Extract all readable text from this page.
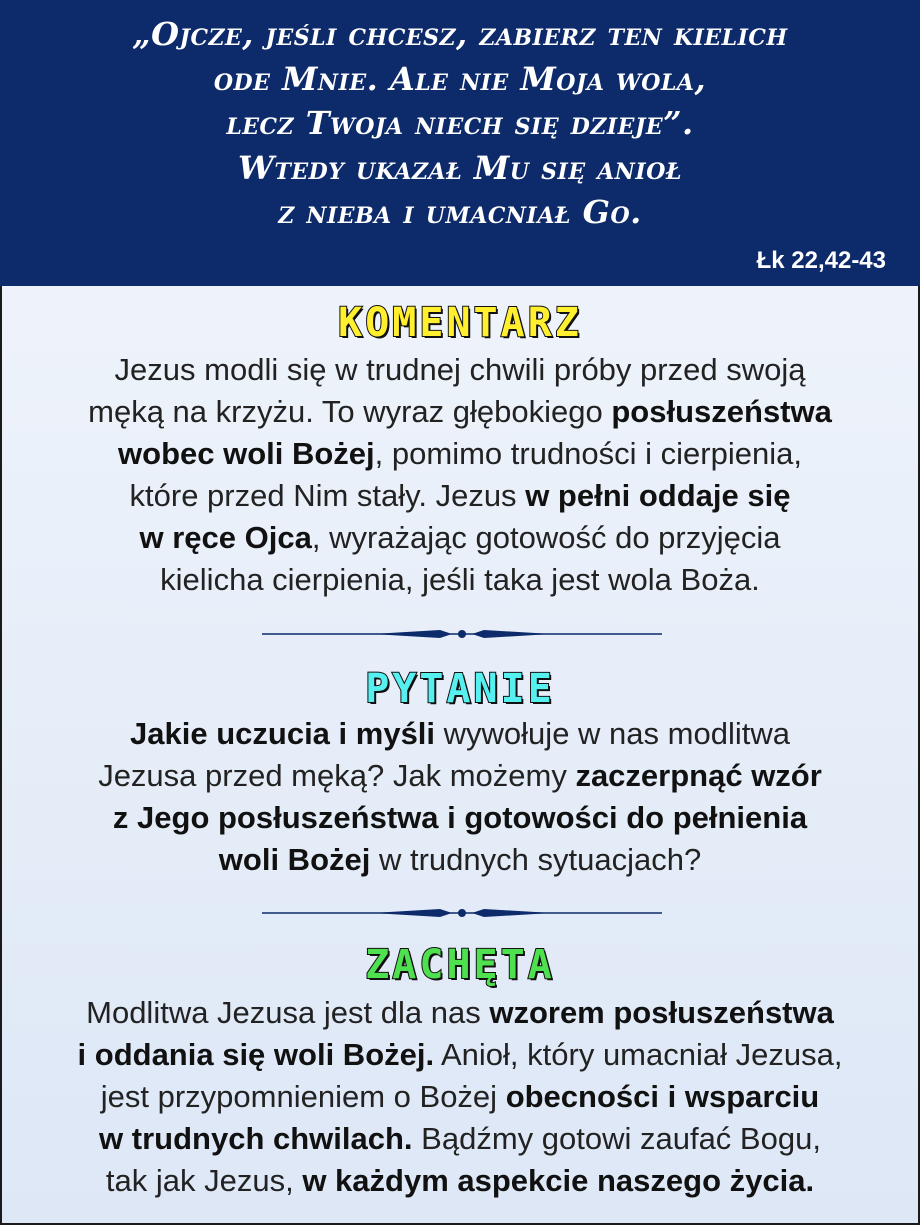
„Ojcze, jeśli chcesz, zabierz ten kielich
ode Mnie. Ale nie Moja wola,
lecz Twoja niech się dzieje”.
Wtedy ukazał Mu się anioł
z nieba i umacniał Go.
Łk 22,42-43
KOMENTARZ
Jezus modli się w trudnej chwili próby przed swoją
męką na krzyżu. To wyraz głębokiego posłuszeństwa
wobec woli Bożej, pomimo trudności i cierpienia,
które przed Nim stały. Jezus w pełni oddaje się
w ręce Ojca, wyrażając gotowość do przyjęcia
kielicha cierpienia, jeśli taka jest wola Boża.
PYTANIE
Jakie uczucia i myśli wywołuje w nas modlitwa
Jezusa przed męką? Jak możemy zaczerpnąć wzór
z Jego posłuszeństwa i gotowości do pełnienia
woli Bożej w trudnych sytuacjach?
ZACHĘTA
Modlitwa Jezusa jest dla nas wzorem posłuszeństwa
i oddania się woli Bożej. Anioł, który umacniał Jezusa,
jest przypomnieniem o Bożej obecności i wsparciu
w trudnych chwilach. Bądźmy gotowi zaufać Bogu,
tak jak Jezus, w każdym aspekcie naszego życia.
